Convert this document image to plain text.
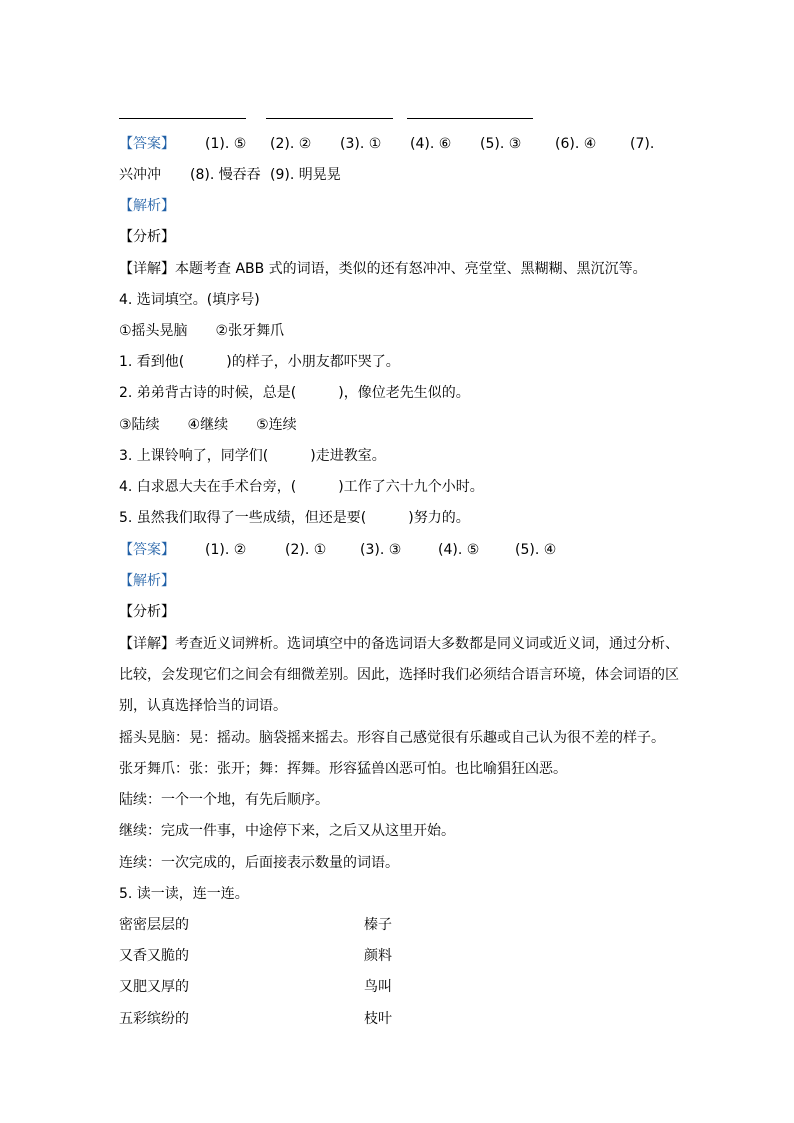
【答案】 (1). ⑤ (2). ② (3). ① (4). ⑥ (5). ③ (6). ④ (7).
兴冲冲 (8). 慢吞吞 (9). 明晃晃
【解析】
【分析】
【详解】本题考查 ABB 式的词语，类似的还有怒冲冲、亮堂堂、黑糊糊、黑沉沉等。
4. 选词填空。(填序号)
①摇头晃脑　　②张牙舞爪
1. 看到他(　　　)的样子，小朋友都吓哭了。
2. 弟弟背古诗的时候，总是(　　　)，像位老先生似的。
③陆续　　④继续　　⑤连续
3. 上课铃响了，同学们(　　　)走进教室。
4. 白求恩大夫在手术台旁，(　　　)工作了六十九个小时。
5. 虽然我们取得了一些成绩，但还是要(　　　)努力的。
【答案】 (1). ②	(2). ① (3). ③	(4). ⑤	(5). ④
【解析】
【分析】
【详解】考查近义词辨析。选词填空中的备选词语大多数都是同义词或近义词，通过分析、
比较，会发现它们之间会有细微差别。因此，选择时我们必须结合语言环境，体会词语的区
别，认真选择恰当的词语。
摇头晃脑：晃：摇动。脑袋摇来摇去。形容自己感觉很有乐趣或自己认为很不差的样子。
张牙舞爪：张：张开；舞：挥舞。形容猛兽凶恶可怕。也比喻猖狂凶恶。
陆续：一个一个地，有先后顺序。
继续：完成一件事，中途停下来，之后又从这里开始。
连续：一次完成的，后面接表示数量的词语。
5. 读一读，连一连。
密密层层的	榛子
又香又脆的	颜料
又肥又厚的	鸟叫
五彩缤纷的	枝叶
